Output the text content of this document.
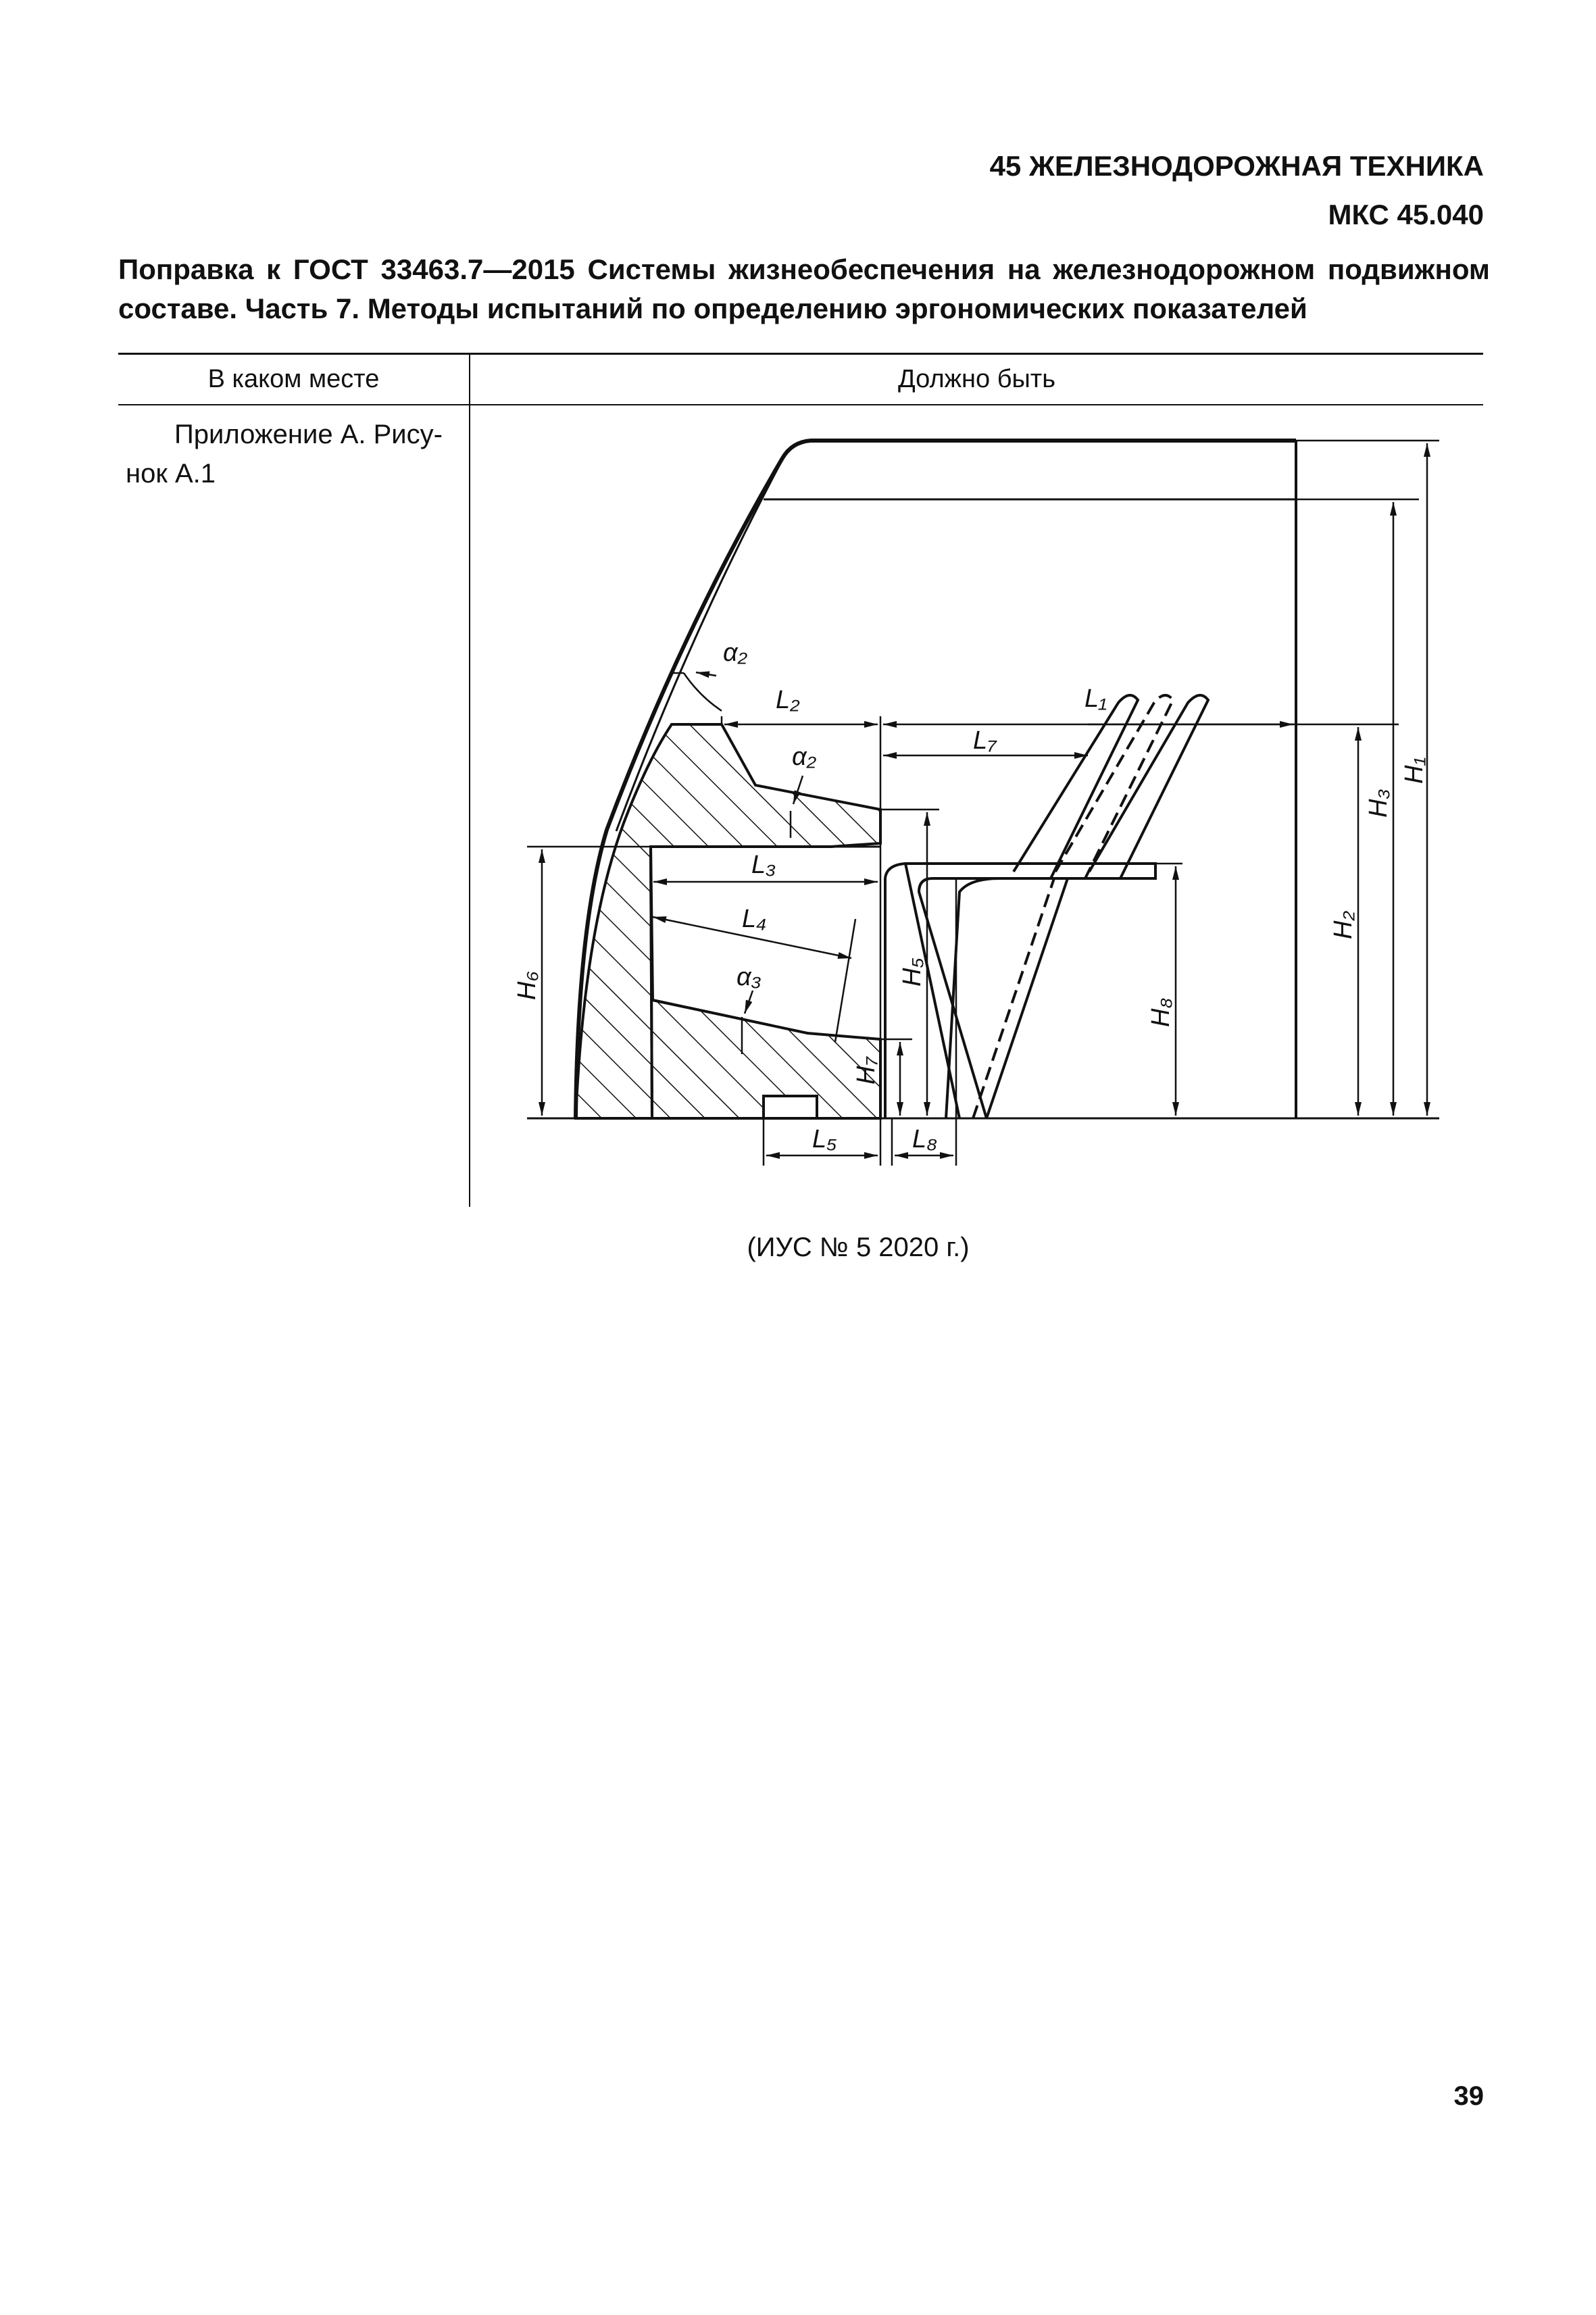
45 ЖЕЛЕЗНОДОРОЖНАЯ ТЕХНИКА
МКС 45.040
Поправка к ГОСТ 33463.7—2015 Системы жизнеобеспечения на железнодорожном подвижном составе. Часть 7. Методы испытаний по определению эргономических показателей
В каком месте	Должно быть
Приложение А. Рису-
нок А.1
α₂
L₂	L₁
L₇
α₂
L₃
L₄
α₃
L₅	L₈
H₁
H₃
H₂
H₈
H₅
H₆
H₇
(ИУС № 5 2020 г.)
39
